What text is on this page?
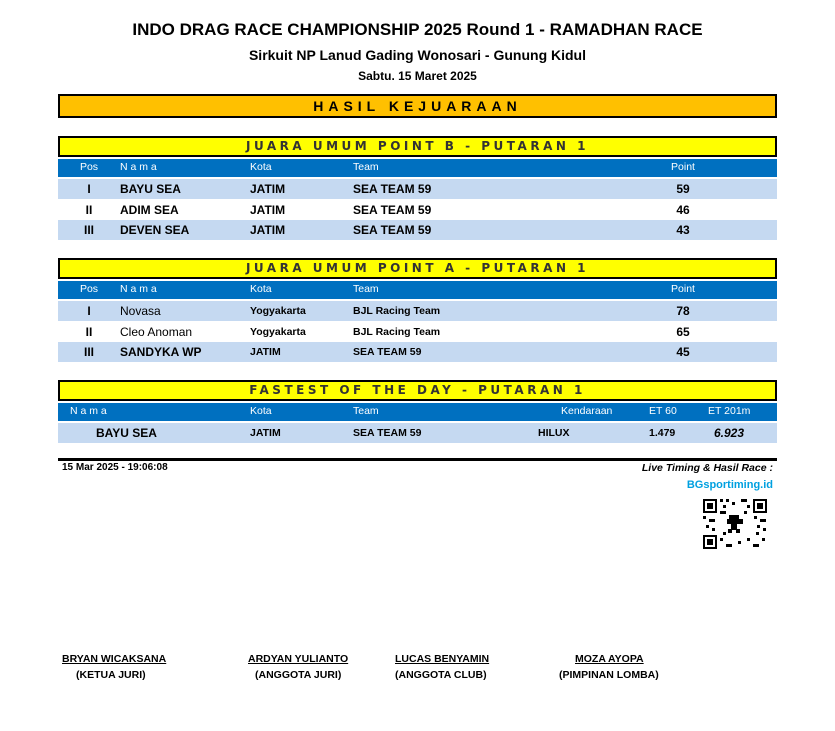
INDO DRAG RACE CHAMPIONSHIP 2025 Round 1 - RAMADHAN RACE
Sirkuit NP Lanud Gading Wonosari - Gunung Kidul
Sabtu. 15 Maret 2025
HASIL KEJUARAAN
JUARA UMUM POINT B - PUTARAN 1
Pos	N a m a	Kota	Team	Point
I	BAYU SEA	JATIM	SEA TEAM 59	59
II	ADIM SEA	JATIM	SEA TEAM 59	46
III	DEVEN SEA	JATIM	SEA TEAM 59	43
JUARA UMUM POINT A - PUTARAN 1
Pos	N a m a	Kota	Team	Point
I	Novasa	Yogyakarta	BJL Racing Team	78
II	Cleo Anoman	Yogyakarta	BJL Racing Team	65
III	SANDYKA WP	JATIM	SEA TEAM 59	45
FASTEST OF THE DAY - PUTARAN 1
N a m a	Kota	Team	Kendaraan	ET 60	ET 201m
BAYU SEA	JATIM	SEA TEAM 59	HILUX	1.479	6.923
15 Mar 2025 - 19:06:08	Live Timing & Hasil Race :
BGsportiming.id
BRYAN WICAKSANA
(KETUA JURI)
ARDYAN YULIANTO
(ANGGOTA JURI)
LUCAS BENYAMIN
(ANGGOTA CLUB)
MOZA AYOPA
(PIMPINAN LOMBA)
